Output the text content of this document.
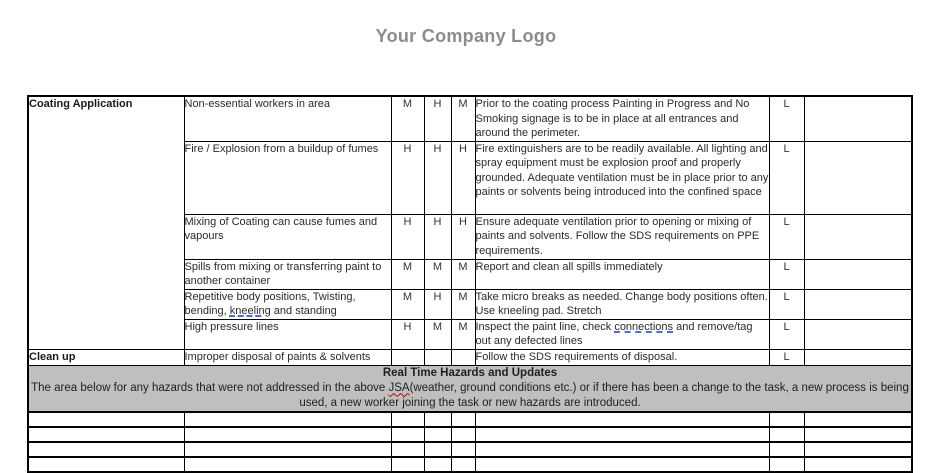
Your Company Logo
Coating Application	Non-essential workers in area	M	H	M	Prior to the coating process Painting in Progress and No Smoking signage is to be in place at all entrances and around the perimeter.	L	
	Fire / Explosion from a buildup of fumes	H	H	H	Fire extinguishers are to be readily available. All lighting and spray equipment must be explosion proof and properly grounded. Adequate ventilation must be in place prior to any paints or solvents being introduced into the confined space	L	
	Mixing of Coating can cause fumes and vapours	H	H	H	Ensure adequate ventilation prior to opening or mixing of paints and solvents. Follow the SDS requirements on PPE requirements.	L	
	Spills from mixing or transferring paint to another container	M	M	M	Report and clean all spills immediately	L	
	Repetitive body positions, Twisting, bending, kneeling and standing	M	H	M	Take micro breaks as needed. Change body positions often. Use kneeling pad. Stretch	L	
	High pressure lines	H	M	M	Inspect the paint line, check connections and remove/tag out any defected lines	L	
Clean up	Improper disposal of paints & solvents				Follow the SDS requirements of disposal.	L	

Real Time Hazards and Updates
The area below for any hazards that were not addressed in the above JSA(weather, ground conditions etc.) or if there has been a change to the task, a new process is being used, a new worker joining the task or new hazards are introduced.							
